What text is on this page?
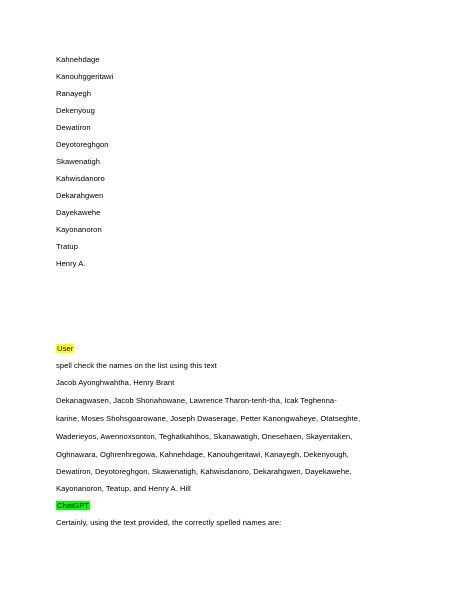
Kahnehdage
Kanouhggeritawi
Ranayegh
Dekenyoug
Dewatiron
Deyotoreghgon
Skawenatigh
Kahwisdanoro
Dekarahgwen
Dayekawehe
Kayonanoron
Tratup
Henry A.
User
spell check the names on the list using this text
Jacob Ayonghwahtha, Henry Brant
Dekanagwasen, Jacob Shoriahowane, Lawrence Tharon-tenh-tha, Icak Teghenna-
karine, Moses Shohsgoarowane, Joseph Dwaserage, Petter Kanongwaheye, Otatseghte,
Waderieyos, Awennoxsonton, Teghatkahthos, Skanawatigh, Onesehaen, Skayentaken,
Oghnawara, Oghrenhregowa, Kahnehdage, Kanouhgeritawi, Kanayegh, Dekenyough,
Dewatiron, Deyotoreghgon, Skawenatigh, Kahwisdanoro, Dekarahgwen, Dayekawehe,
Kayonanoron, Teatup, and Henry A. Hill
ChatGPT
Certainly, using the text provided, the correctly spelled names are:
